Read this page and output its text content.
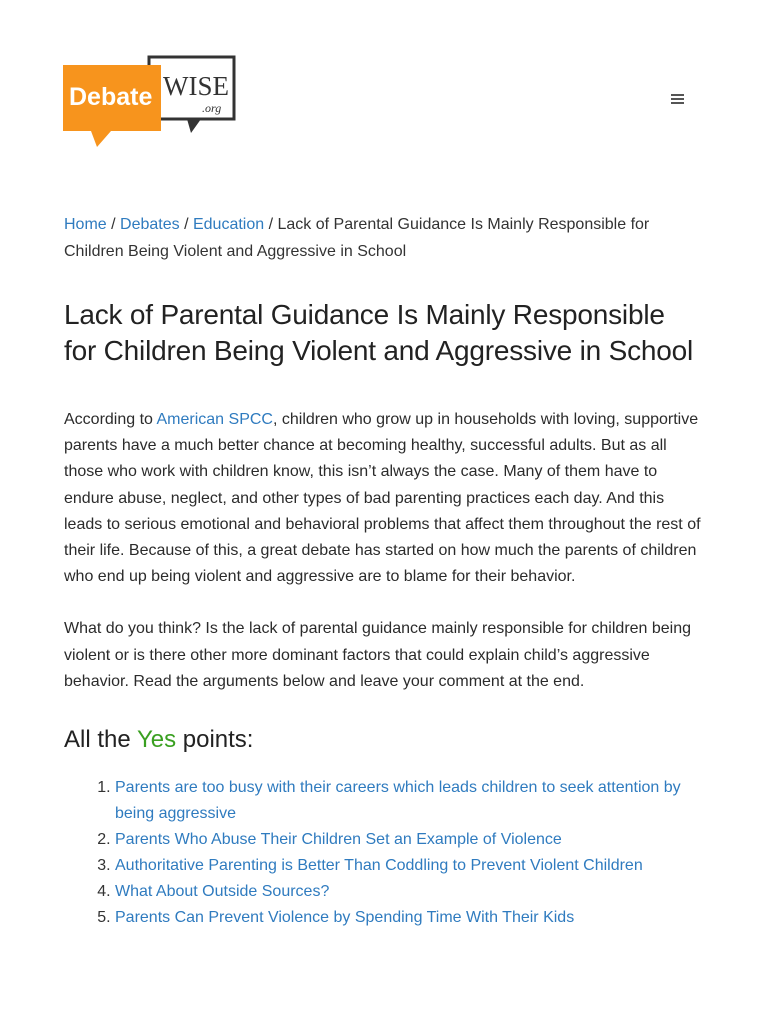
Debate WISE
.org
Home / Debates / Education / Lack of Parental Guidance Is Mainly Responsible for Children Being Violent and Aggressive in School
Lack of Parental Guidance Is Mainly Responsible for Children Being Violent and Aggressive in School

According to American SPCC, children who grow up in households with loving, supportive parents have a much better chance at becoming healthy, successful adults. But as all those who work with children know, this isn’t always the case. Many of them have to endure abuse, neglect, and other types of bad parenting practices each day. And this leads to serious emotional and behavioral problems that affect them throughout the rest of their life. Because of this, a great debate has started on how much the parents of children who end up being violent and aggressive are to blame for their behavior.

What do you think? Is the lack of parental guidance mainly responsible for children being violent or is there other more dominant factors that could explain child’s aggressive behavior. Read the arguments below and leave your comment at the end.

All the Yes points:
1. Parents are too busy with their careers which leads children to seek attention by being aggressive
2. Parents Who Abuse Their Children Set an Example of Violence
3. Authoritative Parenting is Better Than Coddling to Prevent Violent Children
4. What About Outside Sources?
5. Parents Can Prevent Violence by Spending Time With Their Kids
